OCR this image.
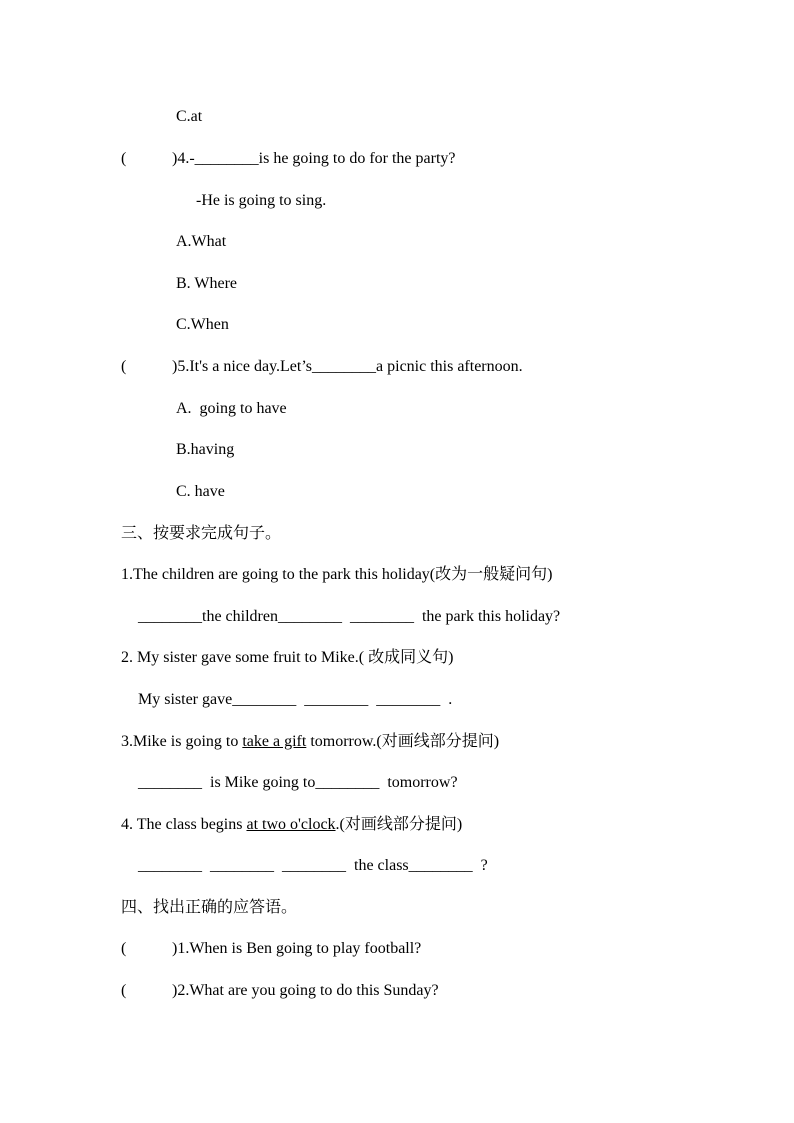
C.at
(	)4.-________is he going to do for the party?
-He is going to sing.
A.What
B. Where
C.When
(	)5.It's a nice day.Let’s________a picnic this afternoon.
A.  going to have
B.having
C. have
三、按要求完成句子。
1.The children are going to the park this holiday(改为一般疑问句)
________the children________  ________  the park this holiday?
2. My sister gave some fruit to Mike.( 改成同义句)
My sister gave________  ________  ________  .
3.Mike is going to take a gift tomorrow.(对画线部分提问)
________  is Mike going to________  tomorrow?
4. The class begins at two o'clock.(对画线部分提问)
________  ________  ________  the class________  ?
四、找出正确的应答语。
(	)1.When is Ben going to play football?
(	)2.What are you going to do this Sunday?
